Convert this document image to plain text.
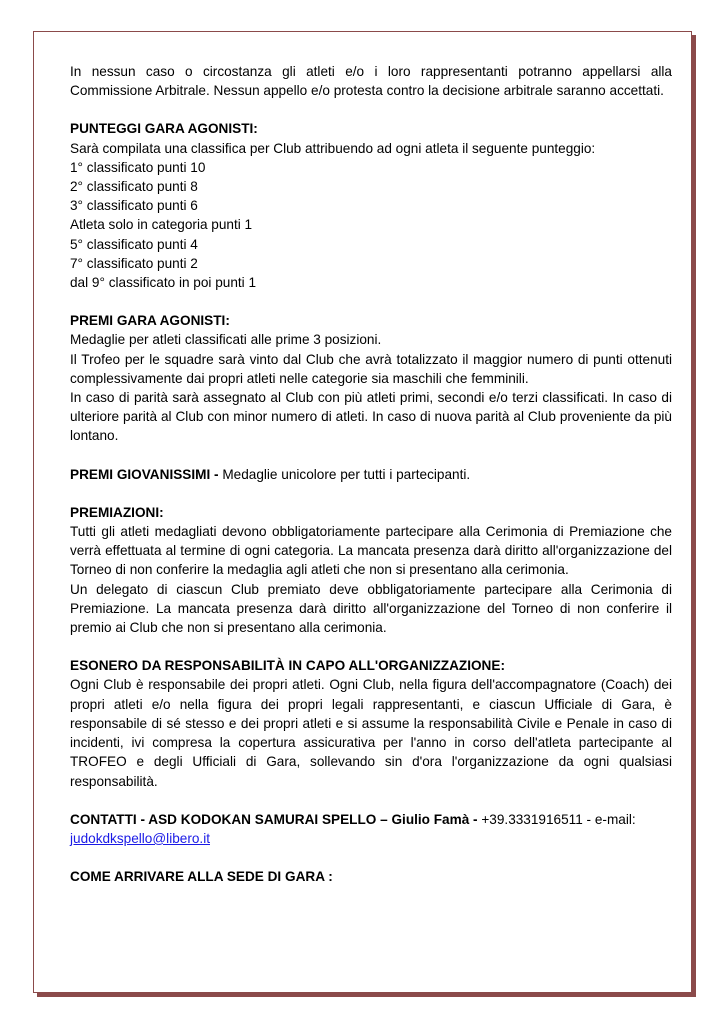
In nessun caso o circostanza gli atleti e/o i loro rappresentanti potranno appellarsi alla Commissione Arbitrale. Nessun appello e/o protesta contro la decisione arbitrale saranno accettati.

PUNTEGGI GARA AGONISTI:

Sarà compilata una classifica per Club attribuendo ad ogni atleta il seguente punteggio:

1° classificato punti 10

2° classificato punti 8

3° classificato punti 6

Atleta solo in categoria punti 1

5° classificato punti 4

7° classificato punti 2

dal 9° classificato in poi punti 1

PREMI GARA AGONISTI:

Medaglie per atleti classificati alle prime 3 posizioni.

Il Trofeo per le squadre sarà vinto dal Club che avrà totalizzato il maggior numero di punti ottenuti complessivamente dai propri atleti nelle categorie sia maschili che femminili.

In caso di parità sarà assegnato al Club con più atleti primi, secondi e/o terzi classificati. In caso di ulteriore parità al Club con minor numero di atleti. In caso di nuova parità al Club proveniente da più lontano.

PREMI GIOVANISSIMI - Medaglie unicolore per tutti i partecipanti.

PREMIAZIONI:

Tutti gli atleti medagliati devono obbligatoriamente partecipare alla Cerimonia di Premiazione che verrà effettuata al termine di ogni categoria. La mancata presenza darà diritto all'organizzazione del Torneo di non conferire la medaglia agli atleti che non si presentano alla cerimonia.

Un delegato di ciascun Club premiato deve obbligatoriamente partecipare alla Cerimonia di Premiazione. La mancata presenza darà diritto all'organizzazione del Torneo di non conferire il premio ai Club che non si presentano alla cerimonia.

ESONERO DA RESPONSABILITÀ IN CAPO ALL'ORGANIZZAZIONE:

Ogni Club è responsabile dei propri atleti. Ogni Club, nella figura dell'accompagnatore (Coach) dei propri atleti e/o nella figura dei propri legali rappresentanti, e ciascun Ufficiale di Gara, è responsabile di sé stesso e dei propri atleti e si assume la responsabilità Civile e Penale in caso di incidenti, ivi compresa la copertura assicurativa per l'anno in corso dell'atleta partecipante al TROFEO e degli Ufficiali di Gara, sollevando sin d'ora l'organizzazione da ogni qualsiasi responsabilità.

CONTATTI - ASD KODOKAN SAMURAI SPELLO – Giulio Famà - +39.3331916511 - e-mail:

judokdkspello@libero.it

COME ARRIVARE ALLA SEDE DI GARA :
